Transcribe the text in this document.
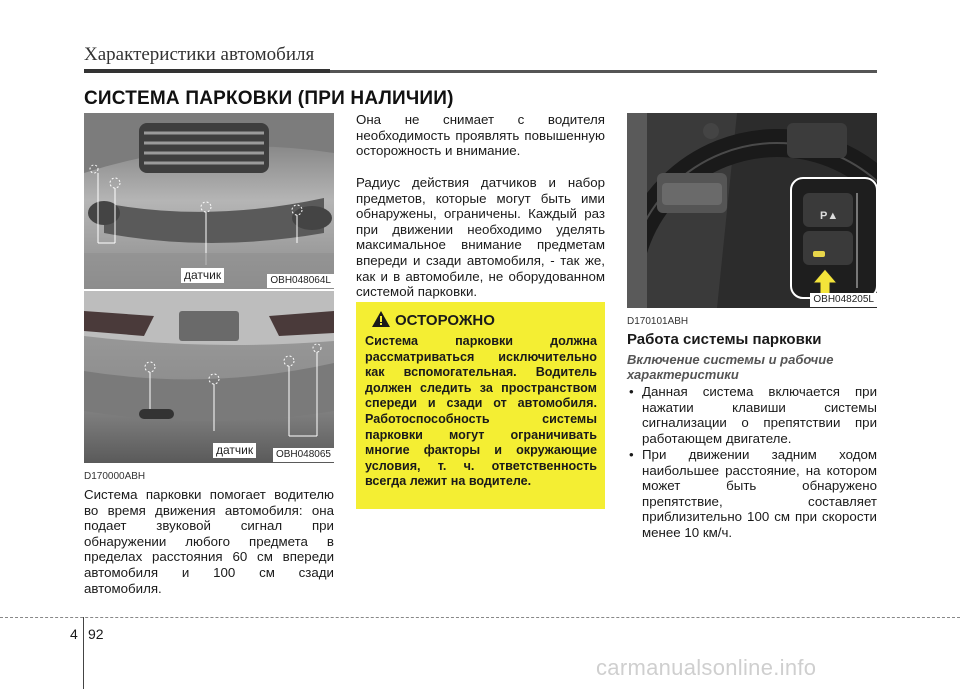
Характеристики автомобиля
СИСТЕМА ПАРКОВКИ (ПРИ НАЛИЧИИ)
датчик	OBH048064L
датчик	OBH048065
P▲
OBH048205L
D170000ABH
Система парковки помогает водителю во время движения автомобиля: она подает звуковой сигнал при обнаружении любого предмета в пределах расстояния 60 см впереди автомобиля и 100 см сзади автомобиля.
Она не снимает с водителя необходимость проявлять повышенную осторожность и внимание.
Радиус действия датчиков и набор предметов, которые могут быть ими обнаружены, ограничены. Каждый раз при движении необходимо уделять максимальное внимание предметам впереди и сзади автомобиля, - так же, как и в автомобиле, не оборудованном системой парковки.
ОСТОРОЖНО
Система парковки должна рассматриваться исключительно как вспомогательная. Водитель должен следить за пространством спереди и сзади от автомобиля. Работоспособность системы парковки могут ограничивать многие факторы и окружающие условия, т. ч. ответственность всегда лежит на водителе.
D170101ABH
Работа системы парковки
Включение системы и рабочие характеристики
• Данная система включается при нажатии клавиши системы сигнализации о препятствии при работающем двигателе.
• При движении задним ходом наибольшее расстояние, на котором может быть обнаружено препятствие, составляет приблизительно 100 см при скорости менее 10 км/ч.
4 92
carmanualsonline.info
